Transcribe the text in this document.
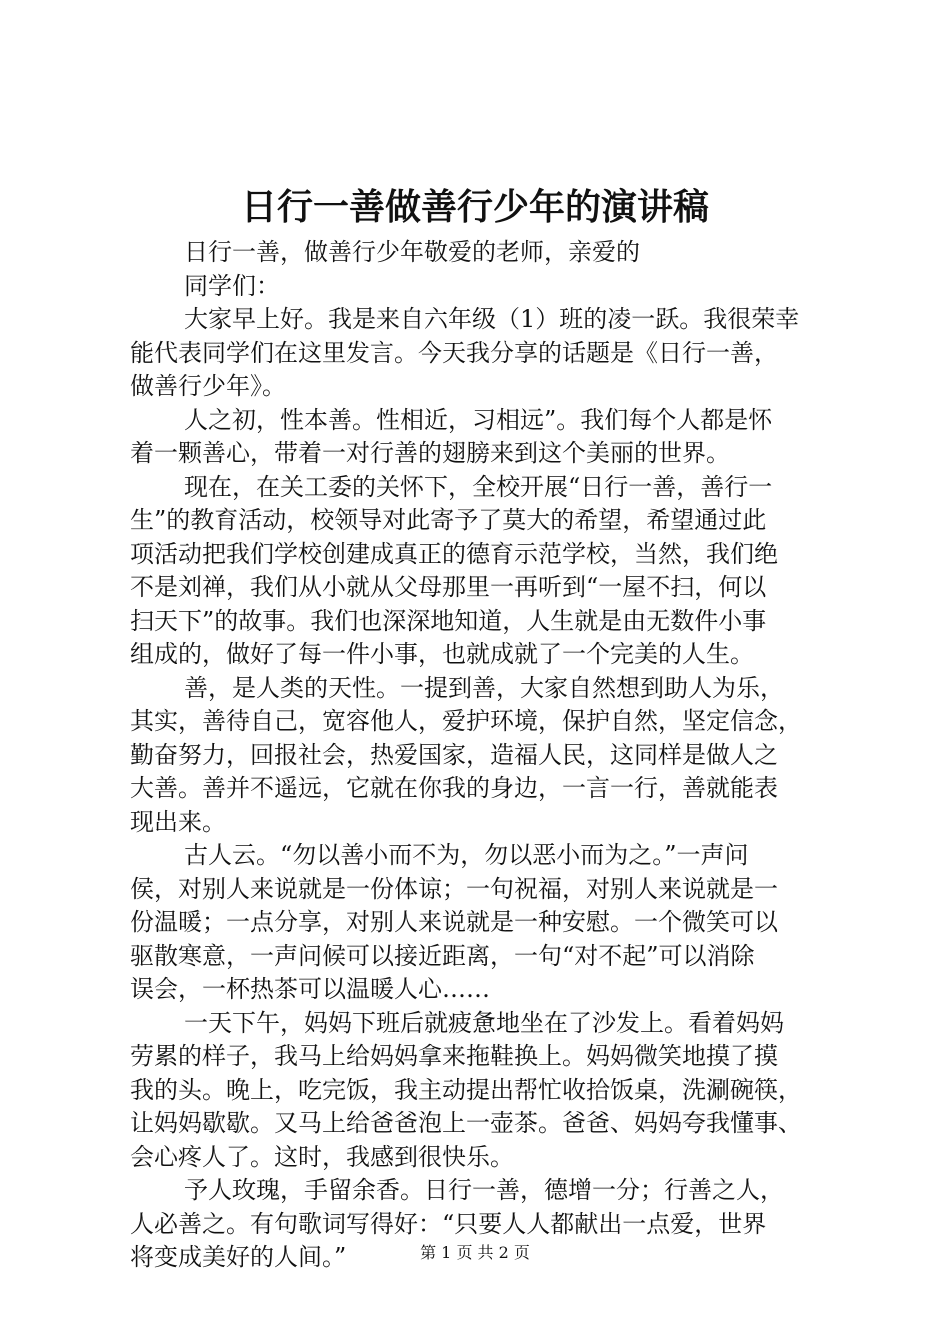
日行一善做善行少年的演讲稿
日行一善，做善行少年敬爱的老师，亲爱的
同学们：
大家早上好。我是来自六年级（1）班的凌一跃。我很荣幸
能代表同学们在这里发言。今天我分享的话题是《日行一善，
做善行少年》。
人之初，性本善。性相近，习相远”。我们每个人都是怀
着一颗善心，带着一对行善的翅膀来到这个美丽的世界。
现在，在关工委的关怀下，全校开展“日行一善，善行一
生”的教育活动，校领导对此寄予了莫大的希望，希望通过此
项活动把我们学校创建成真正的德育示范学校，当然，我们绝
不是刘禅，我们从小就从父母那里一再听到“一屋不扫，何以
扫天下”的故事。我们也深深地知道，人生就是由无数件小事
组成的，做好了每一件小事，也就成就了一个完美的人生。
善，是人类的天性。一提到善，大家自然想到助人为乐，
其实，善待自己，宽容他人，爱护环境，保护自然，坚定信念，
勤奋努力，回报社会，热爱国家，造福人民，这同样是做人之
大善。善并不遥远，它就在你我的身边，一言一行，善就能表
现出来。
古人云。“勿以善小而不为，勿以恶小而为之。”一声问
侯，对别人来说就是一份体谅；一句祝福，对别人来说就是一
份温暖；一点分享，对别人来说就是一种安慰。一个微笑可以
驱散寒意，一声问候可以接近距离，一句“对不起”可以消除
误会，一杯热茶可以温暖人心……
一天下午，妈妈下班后就疲惫地坐在了沙发上。看着妈妈
劳累的样子，我马上给妈妈拿来拖鞋换上。妈妈微笑地摸了摸
我的头。晚上，吃完饭，我主动提出帮忙收拾饭桌，洗涮碗筷，
让妈妈歇歇。又马上给爸爸泡上一壶茶。爸爸、妈妈夸我懂事、
会心疼人了。这时，我感到很快乐。
予人玫瑰，手留余香。日行一善，德增一分；行善之人，
人必善之。有句歌词写得好：“只要人人都献出一点爱，世界
将变成美好的人间。”	第 1 页 共 2 页
